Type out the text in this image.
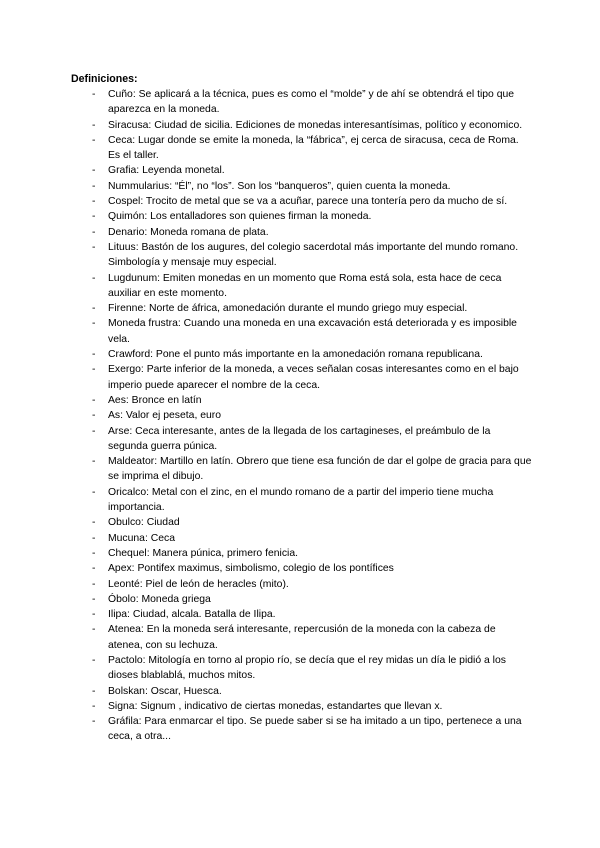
Definiciones:
- Cuño: Se aplicará a la técnica, pues es como el “molde” y de ahí se obtendrá el tipo que aparezca en la moneda.
- Siracusa: Ciudad de sicilia. Ediciones de monedas interesantísimas, político y economico.
- Ceca: Lugar donde se emite la moneda, la “fábrica”, ej cerca de siracusa, ceca de Roma. Es el taller.
- Grafia: Leyenda monetal.
- Nummularius: “Él”, no “los”. Son los “banqueros”, quien cuenta la moneda.
- Cospel: Trocito de metal que se va a acuñar, parece una tontería pero da mucho de sí.
- Quimón: Los entalladores son quienes firman la moneda.
- Denario: Moneda romana de plata.
- Lituus: Bastón de los augures, del colegio sacerdotal más importante del mundo romano. Simbología y mensaje muy especial.
- Lugdunum: Emiten monedas en un momento que Roma está sola, esta hace de ceca auxiliar en este momento.
- Firenne: Norte de áfrica, amonedación durante el mundo griego muy especial.
- Moneda frustra: Cuando una moneda en una excavación está deteriorada y es imposible vela.
- Crawford: Pone el punto más importante en la amonedación romana republicana.
- Exergo: Parte inferior de la moneda, a veces señalan cosas interesantes como en el bajo imperio puede aparecer el nombre de la ceca.
- Aes: Bronce en latín
- As: Valor ej peseta, euro
- Arse: Ceca interesante, antes de la llegada de los cartagineses, el preámbulo de la segunda guerra púnica.
- Maldeator: Martillo en latín. Obrero que tiene esa función de dar el golpe de gracia para que se imprima el dibujo.
- Oricalco: Metal con el zinc, en el mundo romano de a partir del imperio tiene mucha importancia.
- Obulco: Ciudad
- Mucuna: Ceca
- Chequel: Manera púnica, primero fenicia.
- Apex: Pontifex maximus, simbolismo, colegio de los pontífices
- Leonté: Piel de león de heracles (mito).
- Óbolo: Moneda griega
- Ilipa: Ciudad, alcala. Batalla de Ilipa.
- Atenea: En la moneda será interesante, repercusión de la moneda con la cabeza de atenea, con su lechuza.
- Pactolo: Mitología en torno al propio río, se decía que el rey midas un día le pidió a los dioses blablablá, muchos mitos.
- Bolskan: Oscar, Huesca.
- Signa: Signum , indicativo de ciertas monedas, estandartes que llevan x.
- Gráfila: Para enmarcar el tipo. Se puede saber si se ha imitado a un tipo, pertenece a una ceca, a otra...
